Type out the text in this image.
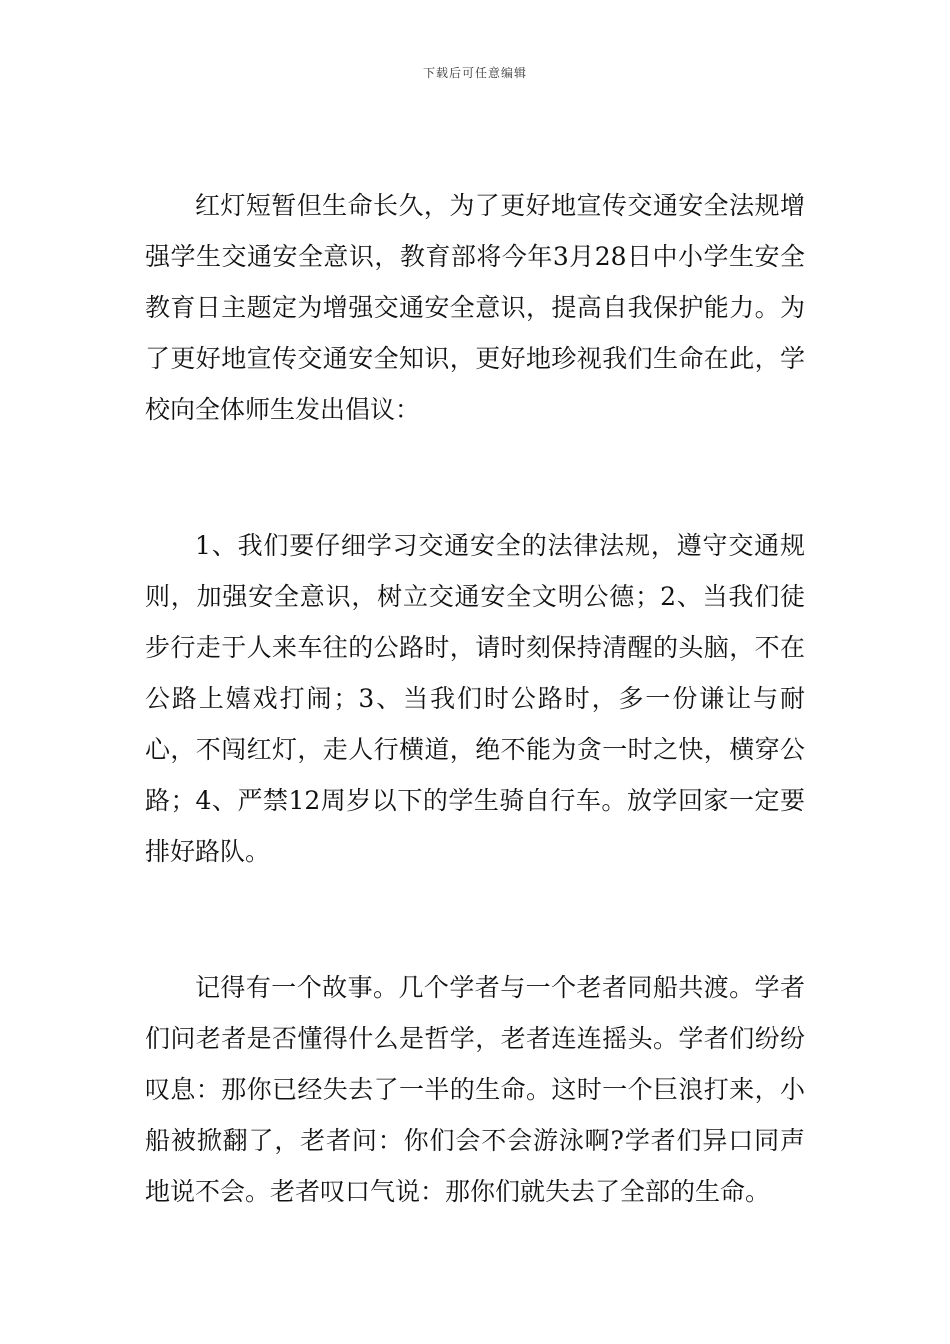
下载后可任意编辑

红灯短暂但生命长久，为了更好地宣传交通安全法规增强学生交通安全意识，教育部将今年3月28日中小学生安全教育日主题定为增强交通安全意识，提高自我保护能力。为了更好地宣传交通安全知识，更好地珍视我们生命在此，学校向全体师生发出倡议：

1、我们要仔细学习交通安全的法律法规，遵守交通规则，加强安全意识，树立交通安全文明公德；2、当我们徒步行走于人来车往的公路时，请时刻保持清醒的头脑，不在公路上嬉戏打闹；3、当我们时公路时，多一份谦让与耐心，不闯红灯，走人行横道，绝不能为贪一时之快，横穿公路；4、严禁12周岁以下的学生骑自行车。放学回家一定要排好路队。

记得有一个故事。几个学者与一个老者同船共渡。学者们问老者是否懂得什么是哲学，老者连连摇头。学者们纷纷叹息：那你已经失去了一半的生命。这时一个巨浪打来，小船被掀翻了，老者问：你们会不会游泳啊?学者们异口同声地说不会。老者叹口气说：那你们就失去了全部的生命。
